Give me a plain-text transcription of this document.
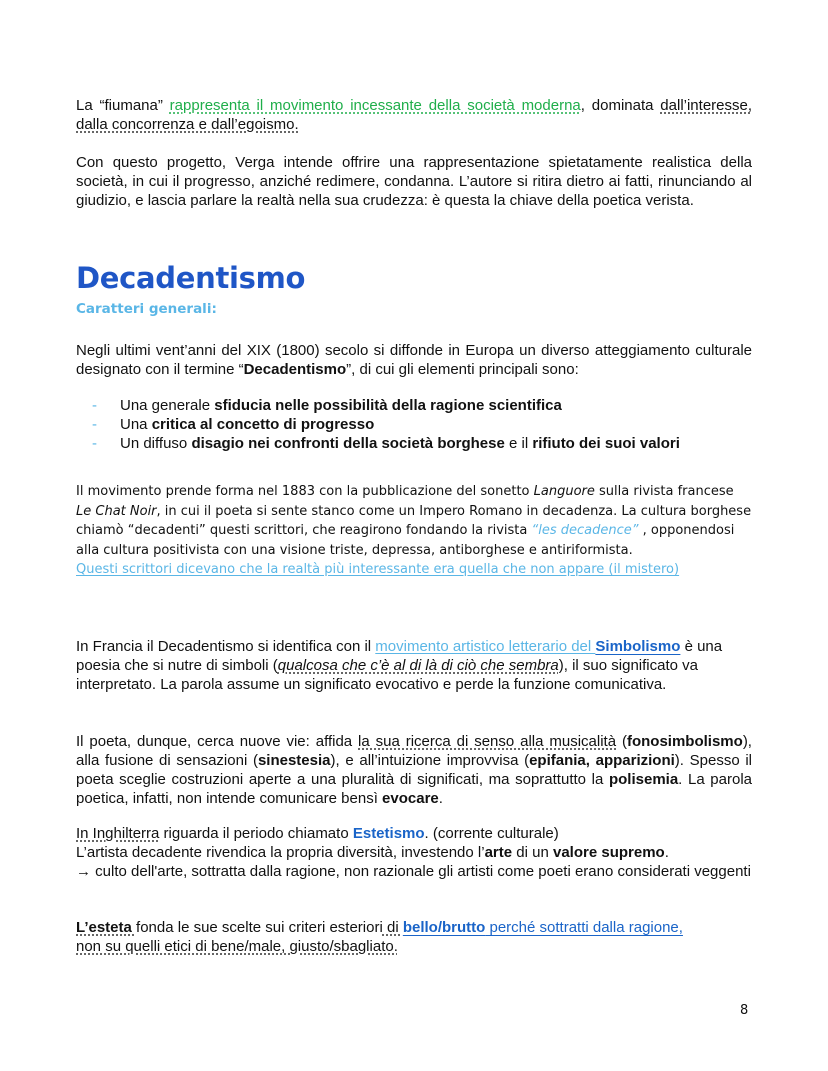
La “fiumana” rappresenta il movimento incessante della società moderna, dominata dall’interesse, dalla concorrenza e dall’egoismo.

Con questo progetto, Verga intende offrire una rappresentazione spietatamente realistica della società, in cui il progresso, anziché redimere, condanna. L’autore si ritira dietro ai fatti, rinunciando al giudizio, e lascia parlare la realtà nella sua crudezza: è questa la chiave della poetica verista.

Decadentismo
Caratteri generali:

Negli ultimi vent’anni del XIX (1800) secolo si diffonde in Europa un diverso atteggiamento culturale designato con il termine “Decadentismo”, di cui gli elementi principali sono:

- Una generale sfiducia nelle possibilità della ragione scientifica
- Una critica al concetto di progresso
- Un diffuso disagio nei confronti della società borghese e il rifiuto dei suoi valori

Il movimento prende forma nel 1883 con la pubblicazione del sonetto Languore sulla rivista francese Le Chat Noir, in cui il poeta si sente stanco come un Impero Romano in decadenza. La cultura borghese chiamò “decadenti” questi scrittori, che reagirono fondando la rivista “les decadence” , opponendosi alla cultura positivista con una visione triste, depressa, antiborghese e antiriformista.
Questi scrittori dicevano che la realtà più interessante era quella che non appare (il mistero)

In Francia il Decadentismo si identifica con il movimento artistico letterario del Simbolismo è una poesia che si nutre di simboli (qualcosa che c’è al di là di ciò che sembra), il suo significato va interpretato. La parola assume un significato evocativo e perde la funzione comunicativa.

Il poeta, dunque, cerca nuove vie: affida la sua ricerca di senso alla musicalità (fonosimbolismo), alla fusione di sensazioni (sinestesia), e all’intuizione improvvisa (epifania, apparizioni). Spesso il poeta sceglie costruzioni aperte a una pluralità di significati, ma soprattutto la polisemia. La parola poetica, infatti, non intende comunicare bensì evocare.

In Inghilterra riguarda il periodo chiamato Estetismo. (corrente culturale)
L’artista decadente rivendica la propria diversità, investendo l’arte di un valore supremo.
→ culto dell'arte, sottratta dalla ragione, non razionale gli artisti come poeti erano considerati veggenti

L’esteta fonda le sue scelte sui criteri esteriori di bello/brutto perché sottratti dalla ragione,
non su quelli etici di bene/male, giusto/sbagliato.

8
